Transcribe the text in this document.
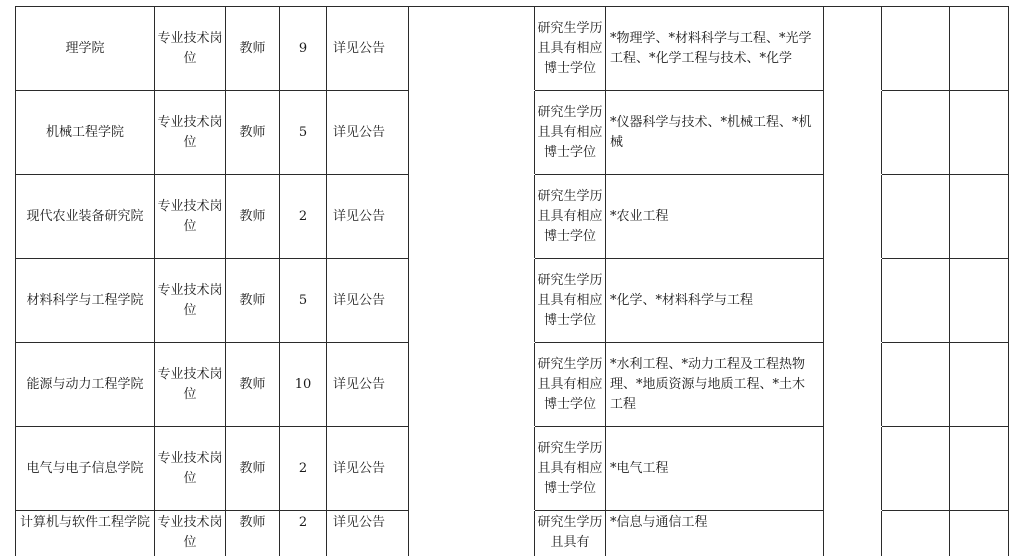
理学院	专业技术岗位	教师	9	详见公告		研究生学历且具有相应博士学位	*物理学、*材料科学与工程、*光学工程、*化学工程与技术、*化学			

机械工程学院	专业技术岗位	教师	5	详见公告		研究生学历且具有相应博士学位	*仪器科学与技术、*机械工程、*机械			

现代农业装备研究院	专业技术岗位	教师	2	详见公告		研究生学历且具有相应博士学位	*农业工程			

材料科学与工程学院	专业技术岗位	教师	5	详见公告		研究生学历且具有相应博士学位	*化学、*材料科学与工程			

能源与动力工程学院	专业技术岗位	教师	10	详见公告		研究生学历且具有相应博士学位	*水利工程、*动力工程及工程热物理、*地质资源与地质工程、*土木工程			

电气与电子信息学院	专业技术岗位	教师	2	详见公告		研究生学历且具有相应博士学位	*电气工程			

计算机与软件工程学院	专业技术岗位	教师	2	详见公告		研究生学历且具有	*信息与通信工程			
